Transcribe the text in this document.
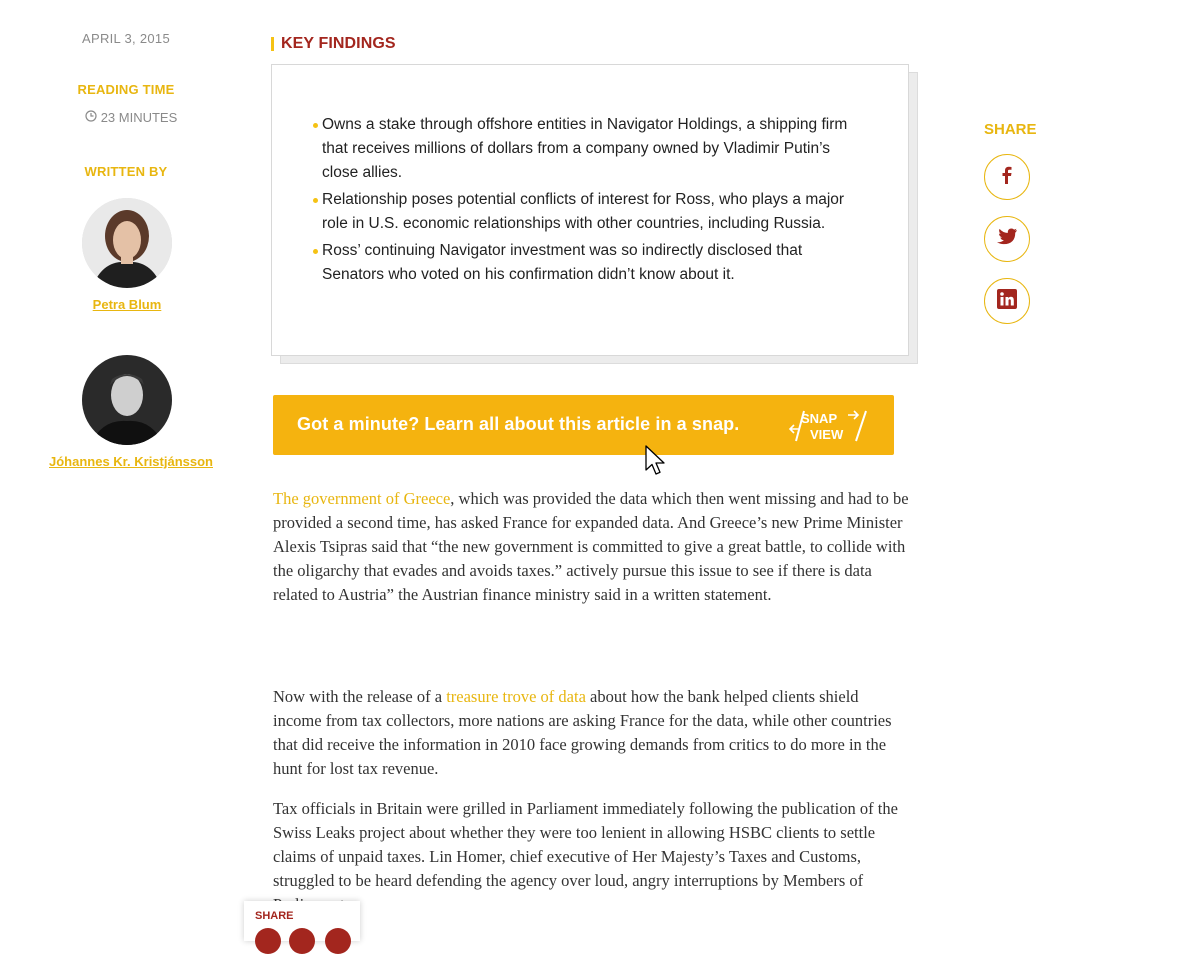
APRIL 3, 2015
READING TIME
23 MINUTES
WRITTEN BY
Petra Blum
Jóhannes Kr. Kristjánsson
KEY FINDINGS
Owns a stake through offshore entities in Navigator Holdings, a shipping firm that receives millions of dollars from a company owned by Vladimir Putin’s close allies.
Relationship poses potential conflicts of interest for Ross, who plays a major role in U.S. economic relationships with other countries, including Russia.
Ross’ continuing Navigator investment was so indirectly disclosed that Senators who voted on his confirmation didn’t know about it.
Got a minute? Learn all about this article in a snap.	SNAP
VIEW

The government of Greece, which was provided the data which then went missing and had to be provided a second time, has asked France for expanded data. And Greece’s new Prime Minister Alexis Tsipras said that “the new government is committed to give a great battle, to collide with the oligarchy that evades and avoids taxes.” actively pursue this issue to see if there is data related to Austria” the Austrian finance ministry said in a written statement.

Now with the release of a treasure trove of data about how the bank helped clients shield income from tax collectors, more nations are asking France for the data, while other countries that did receive the information in 2010 face growing demands from critics to do more in the hunt for lost tax revenue.

Tax officials in Britain were grilled in Parliament immediately following the publication of the Swiss Leaks project about whether they were too lenient in allowing HSBC clients to settle claims of unpaid taxes. Lin Homer, chief executive of Her Majesty’s Taxes and Customs, struggled to be heard defending the agency over loud, angry interruptions by Members of

SHARE
SHARE
